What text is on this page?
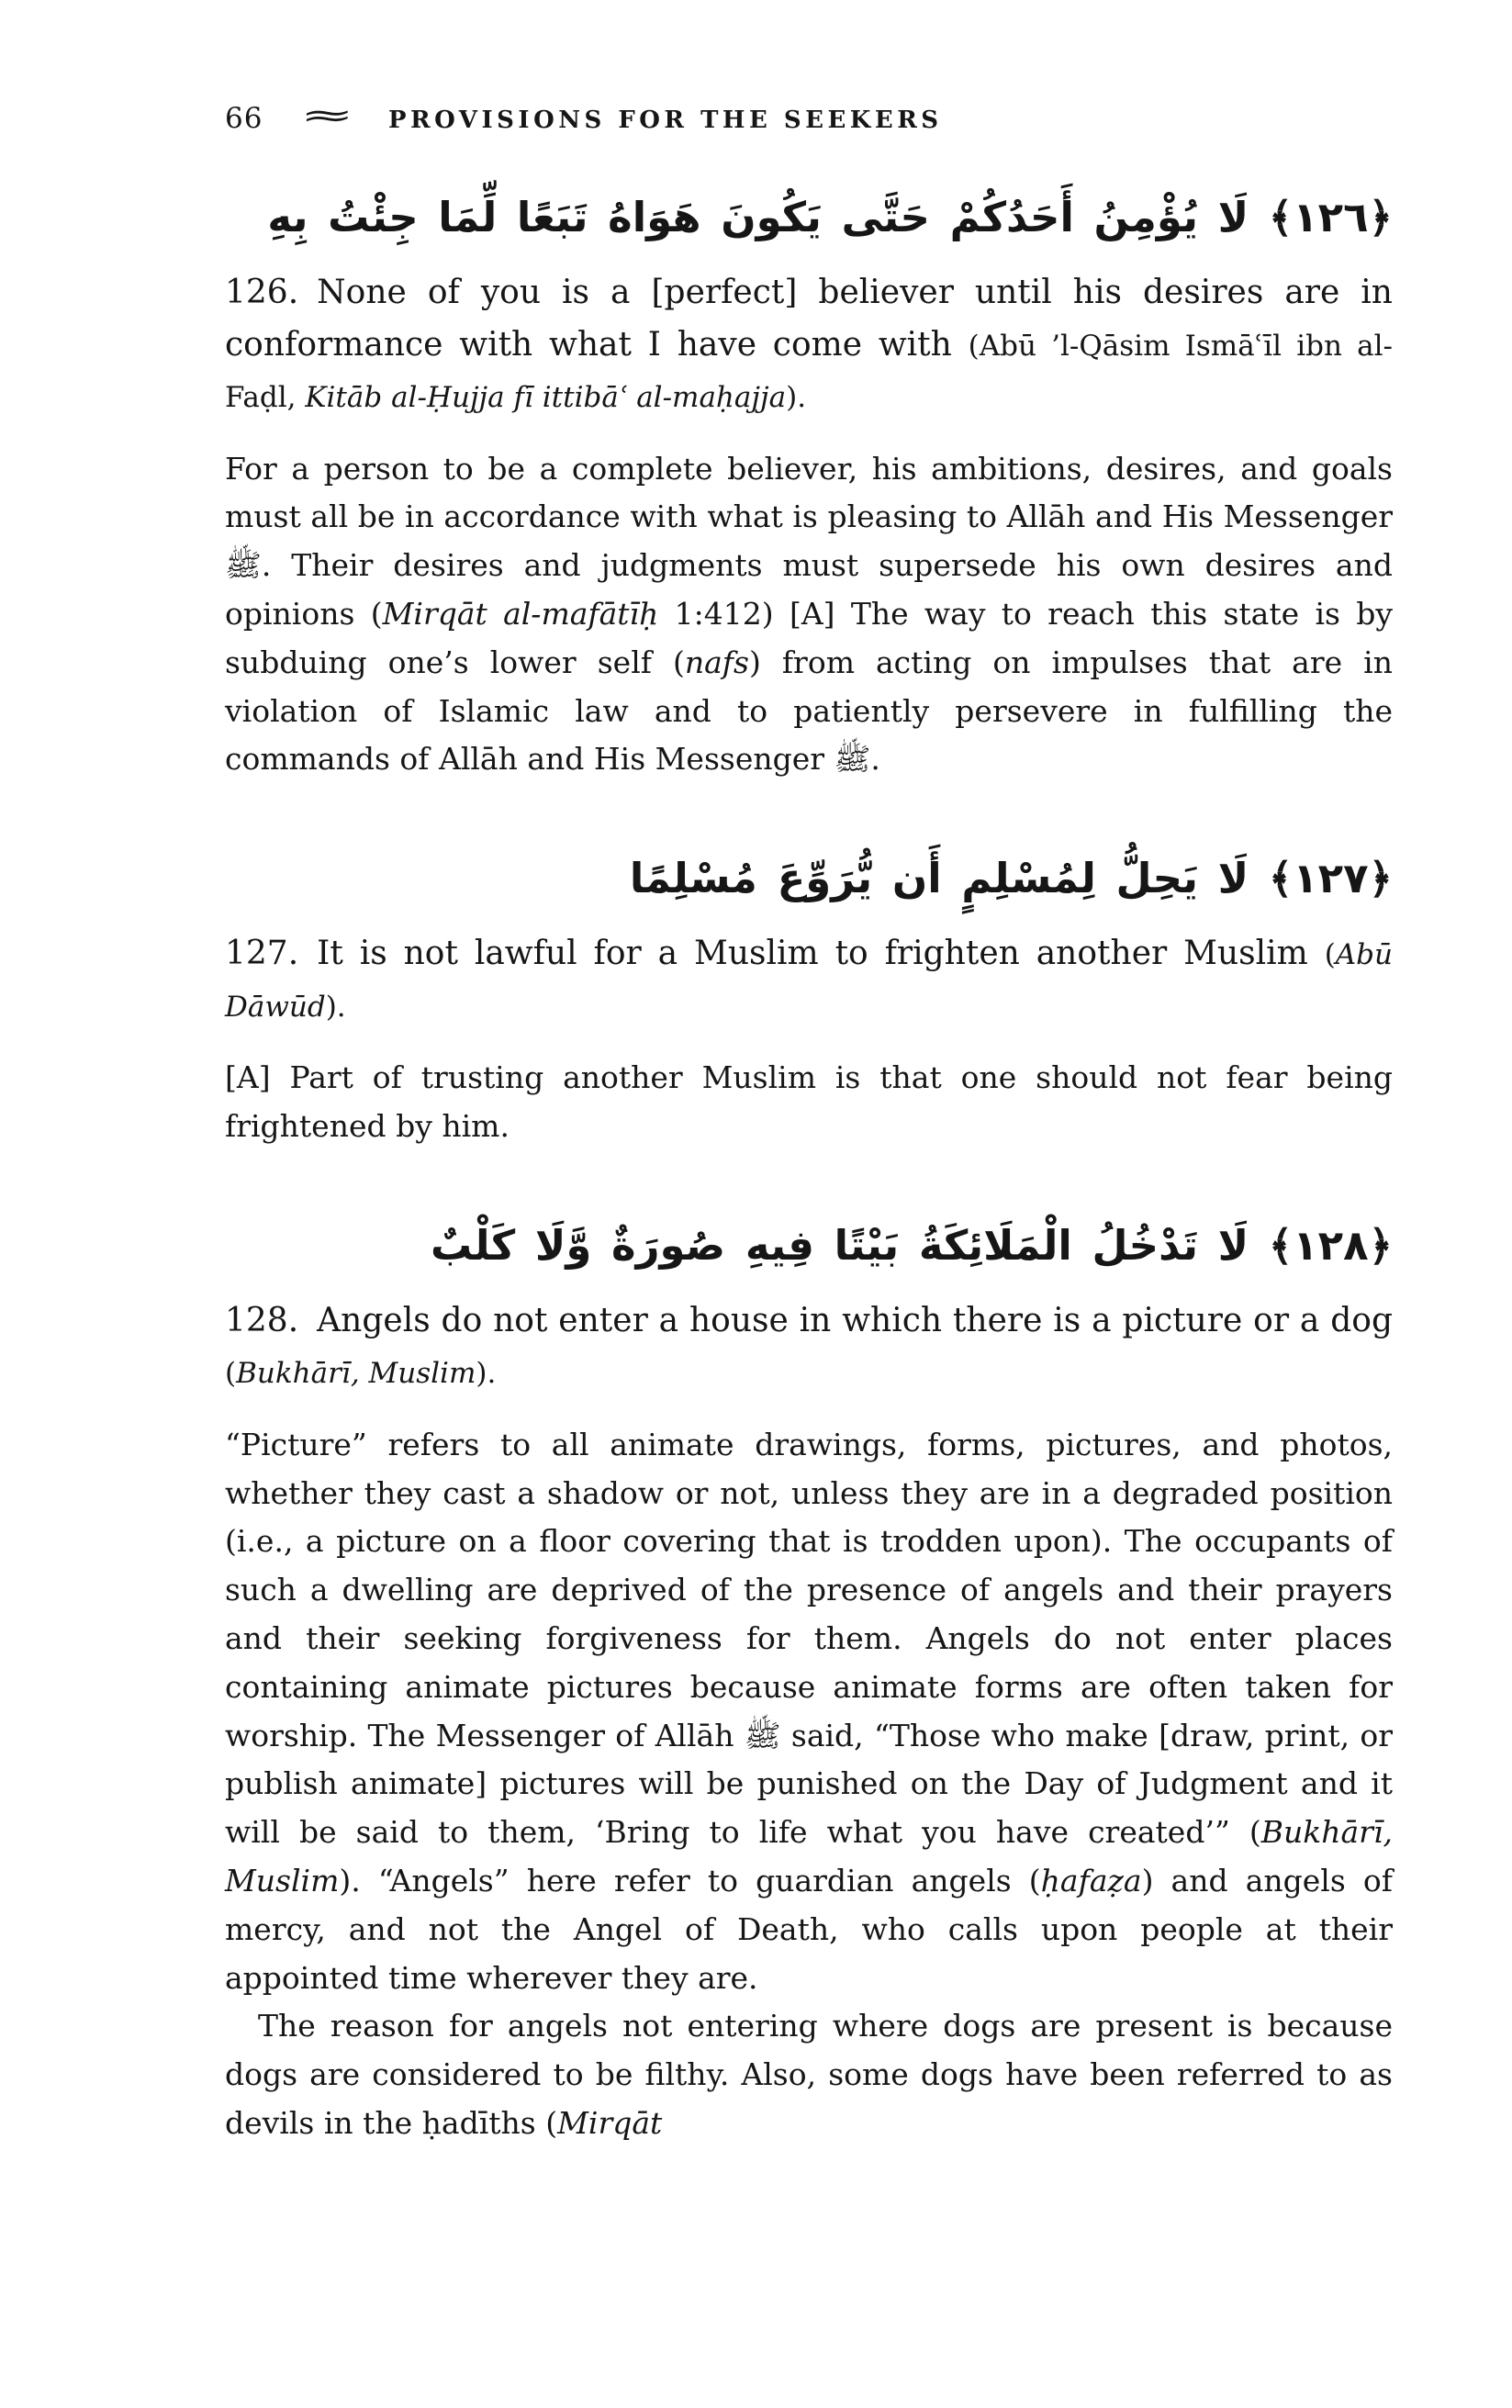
66 ≈ PROVISIONS FOR THE SEEKERS

﴿١٢٦﴾ لَا يُؤْمِنُ أَحَدُكُمْ حَتَّى يَكُونَ هَوَاهُ تَبَعًا لِّمَا جِئْتُ بِهِ

126. None of you is a [perfect] believer until his desires are in conformance with what I have come with (Abū ’l-Qāsim Ismāʿīl ibn al-Faḍl, Kitāb al-Ḥujja fī ittibāʿ al-maḥajja).

For a person to be a complete believer, his ambitions, desires, and goals must all be in accordance with what is pleasing to Allāh and His Messenger ﷺ. Their desires and judgments must supersede his own desires and opinions (Mirqāt al-mafātīḥ 1:412) [A] The way to reach this state is by subduing one’s lower self (nafs) from acting on impulses that are in violation of Islamic law and to patiently persevere in fulfilling the commands of Allāh and His Messenger ﷺ.

﴿١٢٧﴾ لَا يَحِلُّ لِمُسْلِمٍ أَن يُّرَوِّعَ مُسْلِمًا

127. It is not lawful for a Muslim to frighten another Muslim (Abū Dāwūd).

[A] Part of trusting another Muslim is that one should not fear being frightened by him.

﴿١٢٨﴾ لَا تَدْخُلُ الْمَلَائِكَةُ بَيْتًا فِيهِ صُورَةٌ وَّلَا كَلْبٌ

128. Angels do not enter a house in which there is a picture or a dog (Bukhārī, Muslim).

“Picture” refers to all animate drawings, forms, pictures, and photos, whether they cast a shadow or not, unless they are in a degraded position (i.e., a picture on a floor covering that is trodden upon). The occupants of such a dwelling are deprived of the presence of angels and their prayers and their seeking forgiveness for them. Angels do not enter places containing animate pictures because animate forms are often taken for worship. The Messenger of Allāh ﷺ said, “Those who make [draw, print, or publish animate] pictures will be punished on the Day of Judgment and it will be said to them, ‘Bring to life what you have created’” (Bukhārī, Muslim). “Angels” here refer to guardian angels (ḥafaẓa) and angels of mercy, and not the Angel of Death, who calls upon people at their appointed time wherever they are.

The reason for angels not entering where dogs are present is because dogs are considered to be filthy. Also, some dogs have been referred to as devils in the ḥadīths (Mirqāt
